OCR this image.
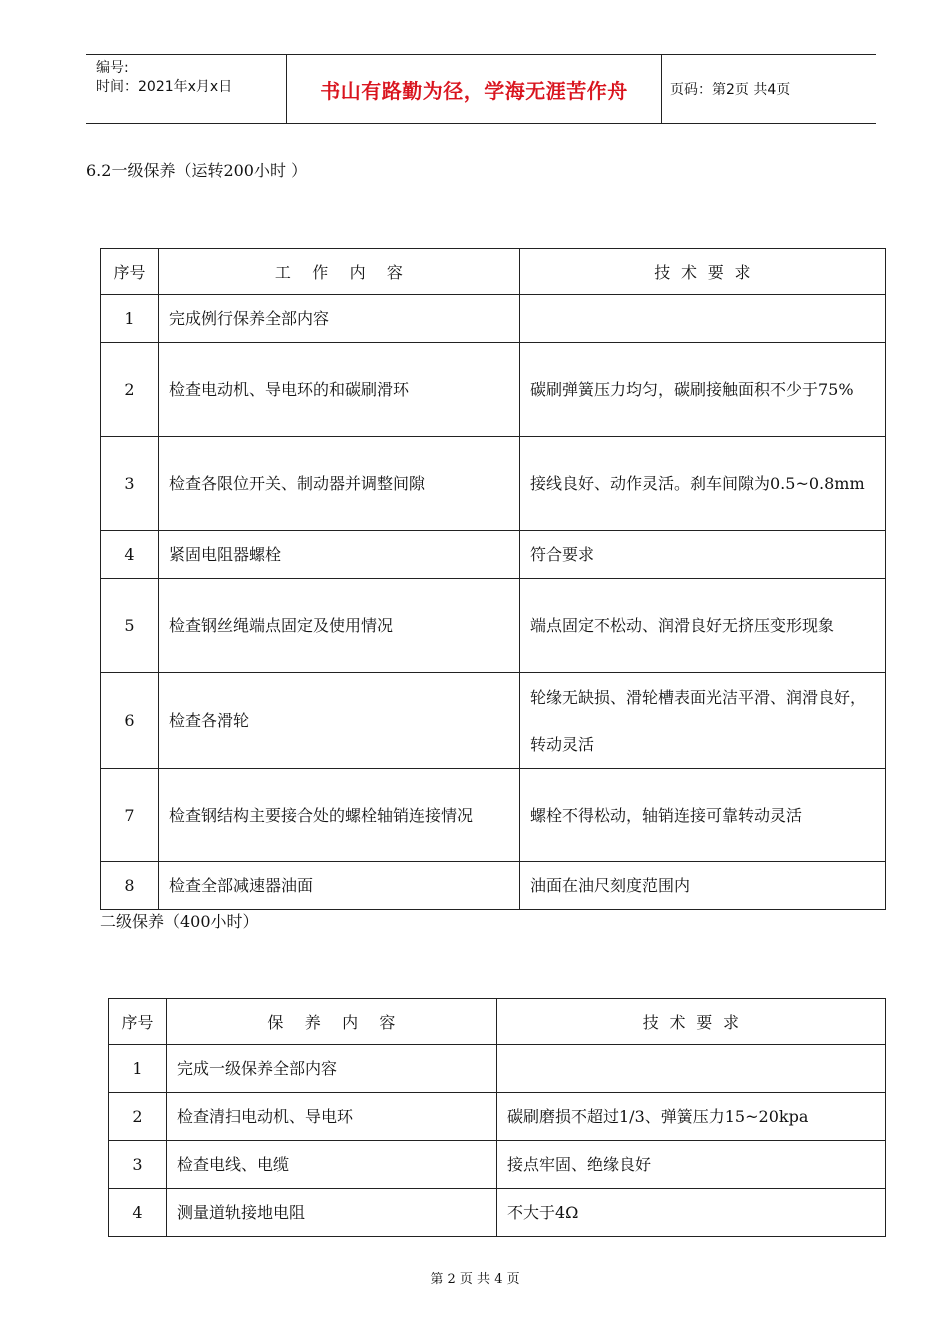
编号:
时间：2021年x月x日	书山有路勤为径，学海无涯苦作舟	页码：第2页 共4页
6.2一级保养（运转200小时 ）
序号	工    作    内    容	技  术  要  求
1	完成例行保养全部内容	
2	检查电动机、导电环的和碳刷滑环	碳刷弹簧压力均匀，碳刷接触面积不少于75%
3	检查各限位开关、制动器并调整间隙	接线良好、动作灵活。刹车间隙为0.5~0.8mm
4	紧固电阻器螺栓	符合要求
5	检查钢丝绳端点固定及使用情况	端点固定不松动、润滑良好无挤压变形现象
6	检查各滑轮	轮缘无缺损、滑轮槽表面光洁平滑、润滑良好，转动灵活
7	检查钢结构主要接合处的螺栓轴销连接情况	螺栓不得松动，轴销连接可靠转动灵活
8	检查全部减速器油面	油面在油尺刻度范围内
二级保养（400小时）
序号	保    养    内    容	技  术  要  求
1	完成一级保养全部内容	
2	检查清扫电动机、导电环	碳刷磨损不超过1/3、弹簧压力15~20kpa
3	检查电线、电缆	接点牢固、绝缘良好
4	测量道轨接地电阻	不大于4Ω
第 2 页 共 4 页
